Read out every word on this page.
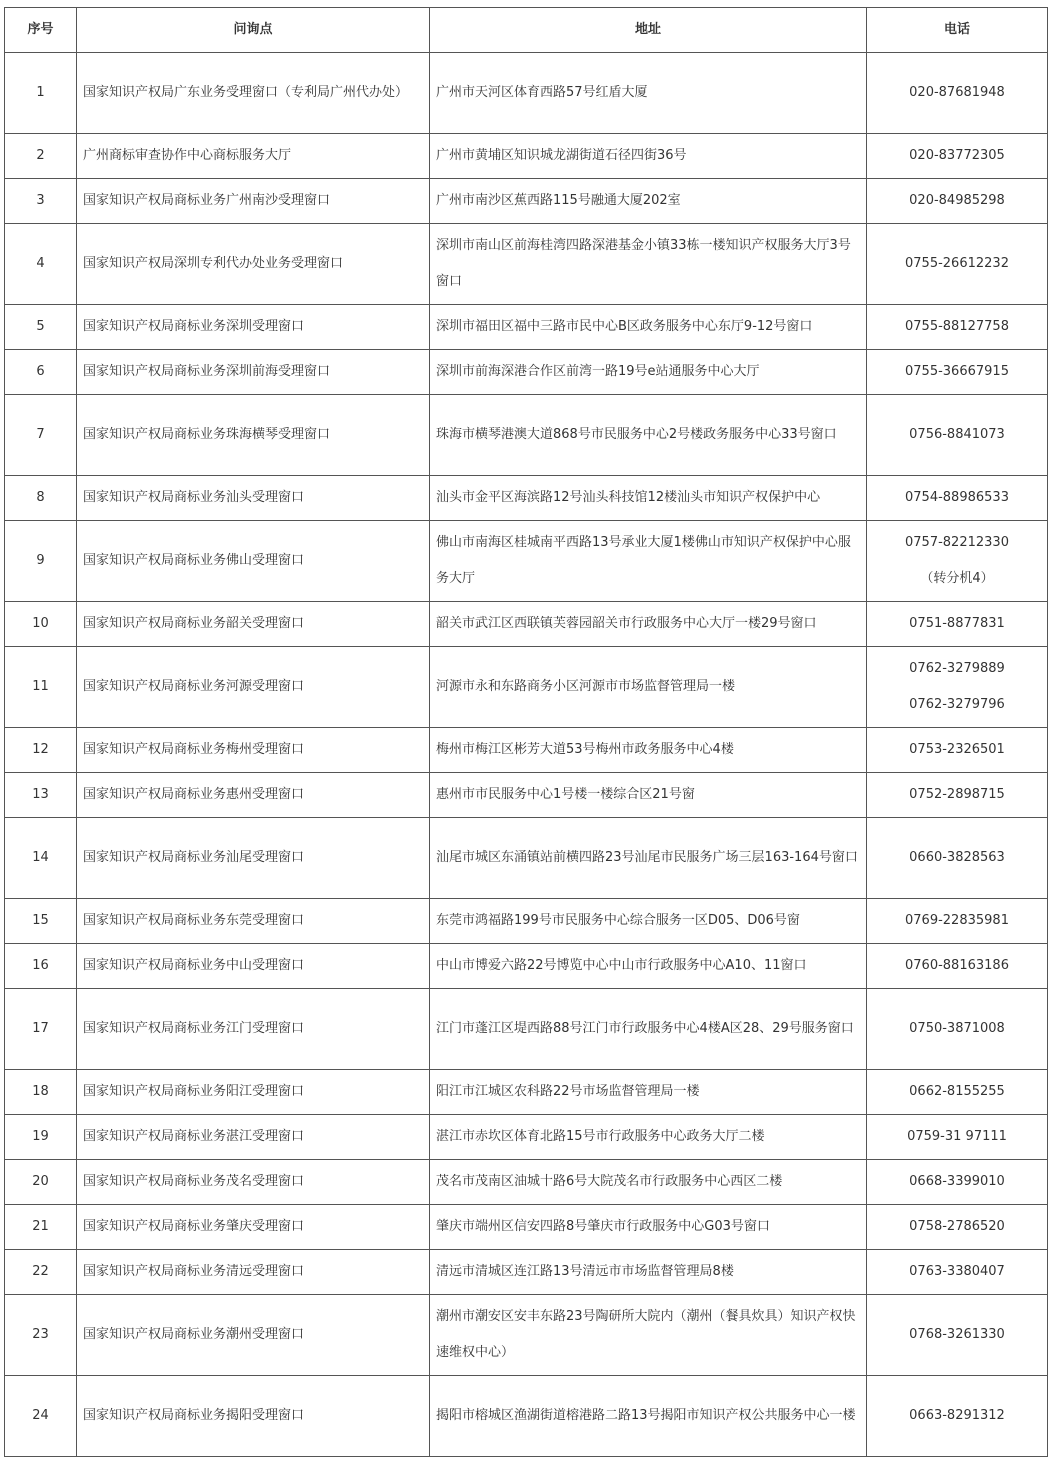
序号	问询点	地址	电话
1	国家知识产权局广东业务受理窗口（专利局广州代办处）	广州市天河区体育西路57号红盾大厦	020-87681948

2	广州商标审查协作中心商标服务大厅	广州市黄埔区知识城龙湖街道石径四街36号	020-83772305

3	国家知识产权局商标业务广州南沙受理窗口	广州市南沙区蕉西路115号融通大厦202室	020-84985298

4	国家知识产权局深圳专利代办处业务受理窗口	深圳市南山区前海桂湾四路深港基金小镇33栋一楼知识产权服务大厅3号窗口	0755-26612232

5	国家知识产权局商标业务深圳受理窗口	深圳市福田区福中三路市民中心B区政务服务中心东厅9-12号窗口	0755-88127758

6	国家知识产权局商标业务深圳前海受理窗口	深圳市前海深港合作区前湾一路19号e站通服务中心大厅	0755-36667915

7	国家知识产权局商标业务珠海横琴受理窗口	珠海市横琴港澳大道868号市民服务中心2号楼政务服务中心33号窗口	0756-8841073

8	国家知识产权局商标业务汕头受理窗口	汕头市金平区海滨路12号汕头科技馆12楼汕头市知识产权保护中心	0754-88986533

9	国家知识产权局商标业务佛山受理窗口	佛山市南海区桂城南平西路13号承业大厦1楼佛山市知识产权保护中心服务大厅	0757-82212330
（转分机4）

10	国家知识产权局商标业务韶关受理窗口	韶关市武江区西联镇芙蓉园韶关市行政服务中心大厅一楼29号窗口	0751-8877831

11	国家知识产权局商标业务河源受理窗口	河源市永和东路商务小区河源市市场监督管理局一楼	0762-3279889
0762-3279796

12	国家知识产权局商标业务梅州受理窗口	梅州市梅江区彬芳大道53号梅州市政务服务中心4楼	0753-2326501

13	国家知识产权局商标业务惠州受理窗口	惠州市市民服务中心1号楼一楼综合区21号窗	0752-2898715

14	国家知识产权局商标业务汕尾受理窗口	汕尾市城区东涌镇站前横四路23号汕尾市民服务广场三层163-164号窗口	0660-3828563

15	国家知识产权局商标业务东莞受理窗口	东莞市鸿福路199号市民服务中心综合服务一区D05、D06号窗	0769-22835981

16	国家知识产权局商标业务中山受理窗口	中山市博爱六路22号博览中心中山市行政服务中心A10、11窗口	0760-88163186

17	国家知识产权局商标业务江门受理窗口	江门市蓬江区堤西路88号江门市行政服务中心4楼A区28、29号服务窗口	0750-3871008

18	国家知识产权局商标业务阳江受理窗口	阳江市江城区农科路22号市场监督管理局一楼	0662-8155255

19	国家知识产权局商标业务湛江受理窗口	湛江市赤坎区体育北路15号市行政服务中心政务大厅二楼	0759-31 97111

20	国家知识产权局商标业务茂名受理窗口	茂名市茂南区油城十路6号大院茂名市行政服务中心西区二楼	0668-3399010

21	国家知识产权局商标业务肇庆受理窗口	肇庆市端州区信安四路8号肇庆市行政服务中心G03号窗口	0758-2786520

22	国家知识产权局商标业务清远受理窗口	清远市清城区连江路13号清远市市场监督管理局8楼	0763-3380407

23	国家知识产权局商标业务潮州受理窗口	潮州市潮安区安丰东路23号陶研所大院内（潮州（餐具炊具）知识产权快速维权中心）	0768-3261330

24	国家知识产权局商标业务揭阳受理窗口	揭阳市榕城区渔湖街道榕港路二路13号揭阳市知识产权公共服务中心一楼	0663-8291312
